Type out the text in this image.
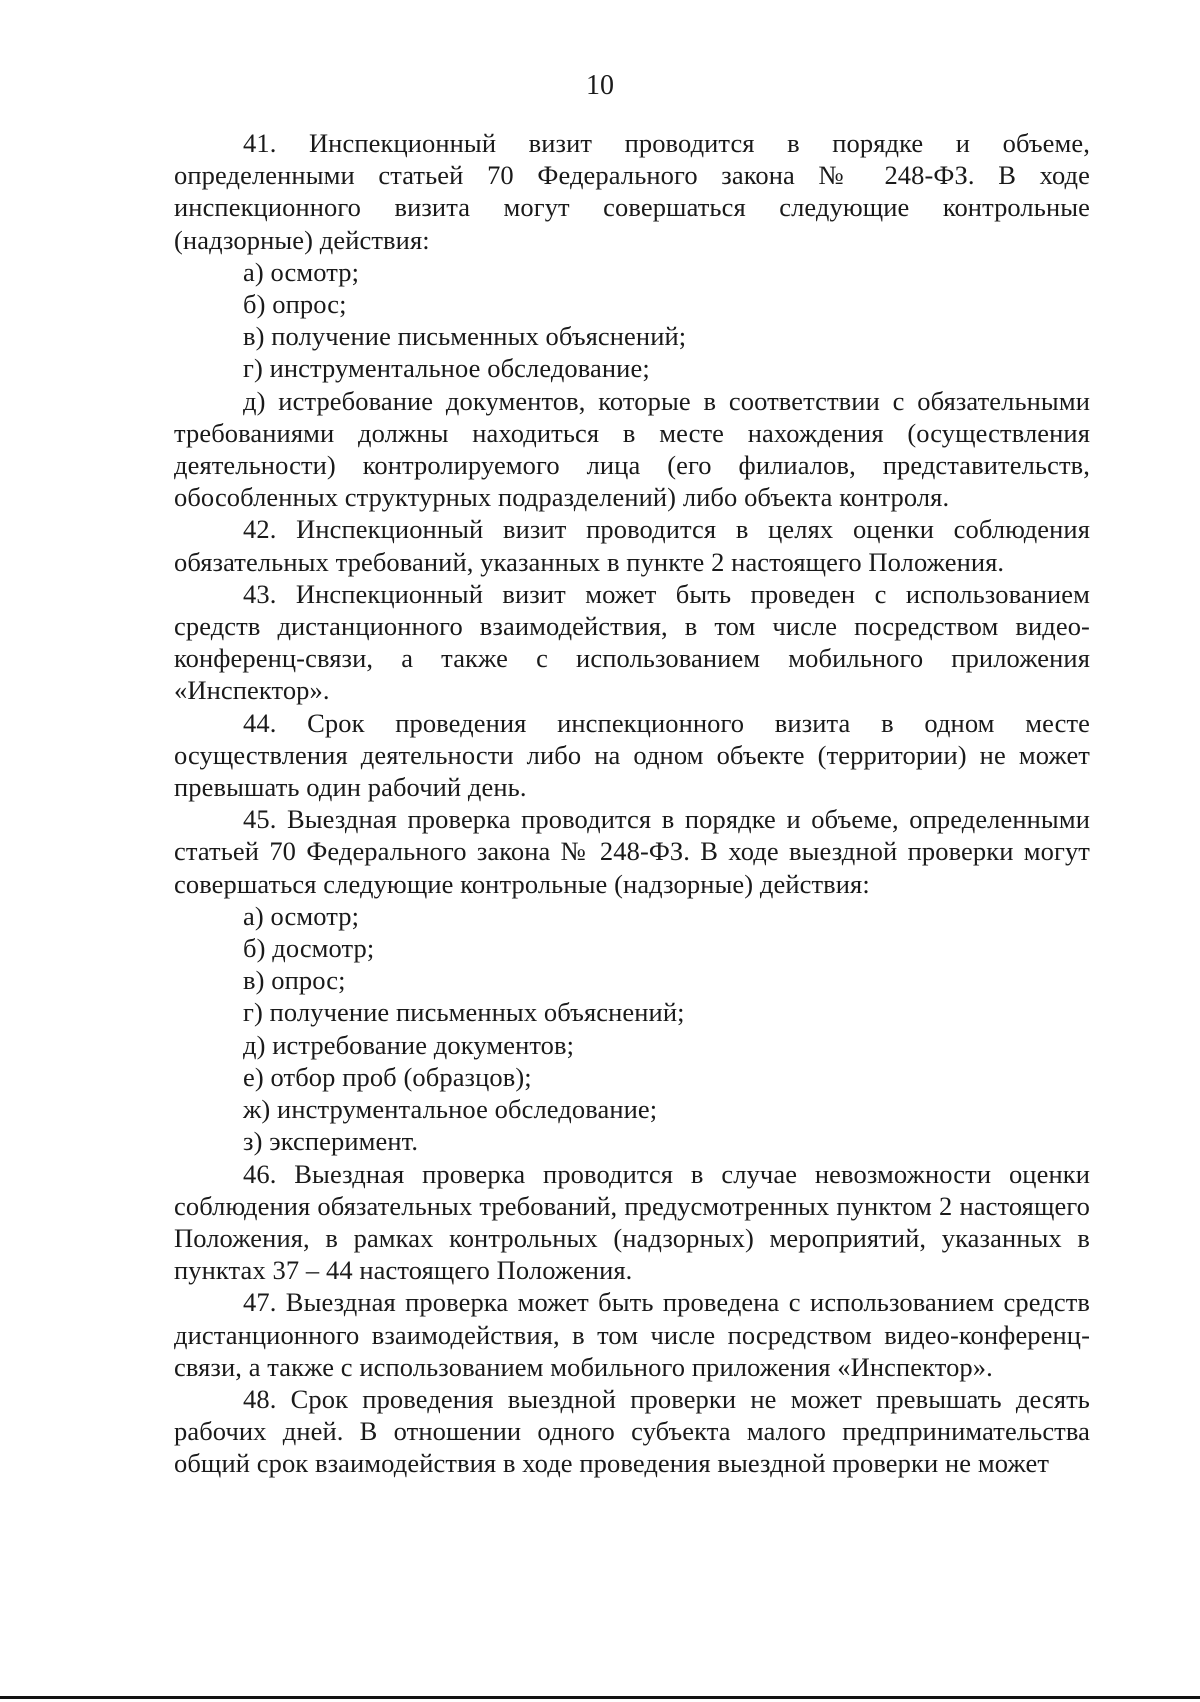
10

41. Инспекционный визит проводится в порядке и объеме, определенными статьей 70 Федерального закона № 248-ФЗ. В ходе инспекционного визита могут совершаться следующие контрольные (надзорные) действия:

а) осмотр;

б) опрос;

в) получение письменных объяснений;

г) инструментальное обследование;

д) истребование документов, которые в соответствии с обязательными требованиями должны находиться в месте нахождения (осуществления деятельности) контролируемого лица (его филиалов, представительств, обособленных структурных подразделений) либо объекта контроля.

42. Инспекционный визит проводится в целях оценки соблюдения обязательных требований, указанных в пункте 2 настоящего Положения.

43. Инспекционный визит может быть проведен с использованием средств дистанционного взаимодействия, в том числе посредством видео-конференц-связи, а также с использованием мобильного приложения «Инспектор».

44. Срок проведения инспекционного визита в одном месте осуществления деятельности либо на одном объекте (территории) не может превышать один рабочий день.

45. Выездная проверка проводится в порядке и объеме, определенными статьей 70 Федерального закона № 248-ФЗ. В ходе выездной проверки могут совершаться следующие контрольные (надзорные) действия:

а) осмотр;

б) досмотр;

в) опрос;

г) получение письменных объяснений;

д) истребование документов;

е) отбор проб (образцов);

ж) инструментальное обследование;

з) эксперимент.

46. Выездная проверка проводится в случае невозможности оценки соблюдения обязательных требований, предусмотренных пунктом 2 настоящего Положения, в рамках контрольных (надзорных) мероприятий, указанных в пунктах 37 – 44 настоящего Положения.

47. Выездная проверка может быть проведена с использованием средств дистанционного взаимодействия, в том числе посредством видео-конференц-связи, а также с использованием мобильного приложения «Инспектор».

48. Срок проведения выездной проверки не может превышать десять рабочих дней. В отношении одного субъекта малого предпринимательства общий срок взаимодействия в ходе проведения выездной проверки не может
